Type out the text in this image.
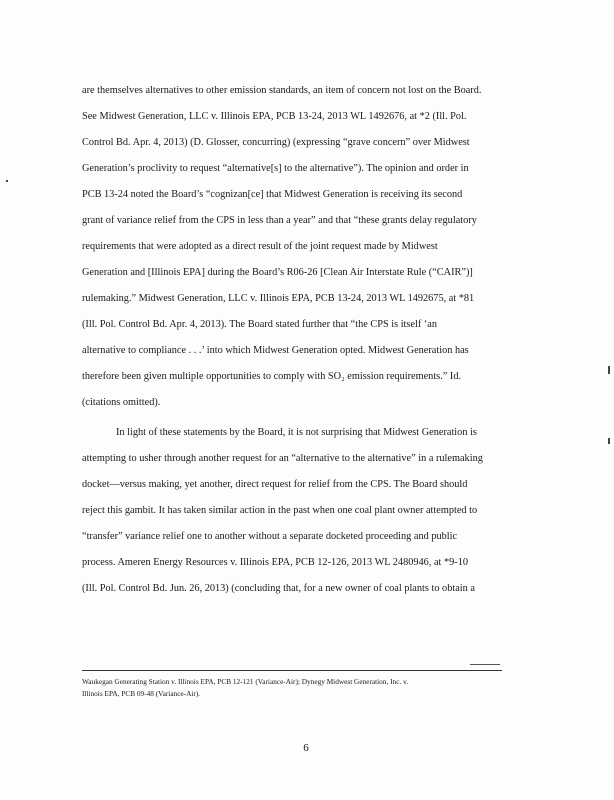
are themselves alternatives to other emission standards, an item of concern not lost on the Board.
See Midwest Generation, LLC v. Illinois EPA, PCB 13-24, 2013 WL 1492676, at *2 (Ill. Pol.
Control Bd. Apr. 4, 2013) (D. Glosser, concurring) (expressing “grave concern” over Midwest
Generation’s proclivity to request “alternative[s] to the alternative”). The opinion and order in
PCB 13-24 noted the Board’s “cognizan[ce] that Midwest Generation is receiving its second
grant of variance relief from the CPS in less than a year” and that “these grants delay regulatory
requirements that were adopted as a direct result of the joint request made by Midwest
Generation and [Illinois EPA] during the Board’s R06-26 [Clean Air Interstate Rule (“CAIR”)]
rulemaking.” Midwest Generation, LLC v. Illinois EPA, PCB 13-24, 2013 WL 1492675, at *81
(Ill. Pol. Control Bd. Apr. 4, 2013). The Board stated further that “the CPS is itself ‘an
alternative to compliance . . .’ into which Midwest Generation opted. Midwest Generation has
therefore been given multiple opportunities to comply with SO₂ emission requirements.” Id.
(citations omitted).
In light of these statements by the Board, it is not surprising that Midwest Generation is
attempting to usher through another request for an “alternative to the alternative” in a rulemaking
docket—versus making, yet another, direct request for relief from the CPS. The Board should
reject this gambit. It has taken similar action in the past when one coal plant owner attempted to
“transfer” variance relief one to another without a separate docketed proceeding and public
process. Ameren Energy Resources v. Illinois EPA, PCB 12-126, 2013 WL 2480946, at *9-10
(Ill. Pol. Control Bd. Jun. 26, 2013) (concluding that, for a new owner of coal plants to obtain a
Waukegan Generating Station v. Illinois EPA, PCB 12-121 (Variance-Air); Dynegy Midwest Generation, Inc. v.
Illinois EPA, PCB 09-48 (Variance-Air).
6
